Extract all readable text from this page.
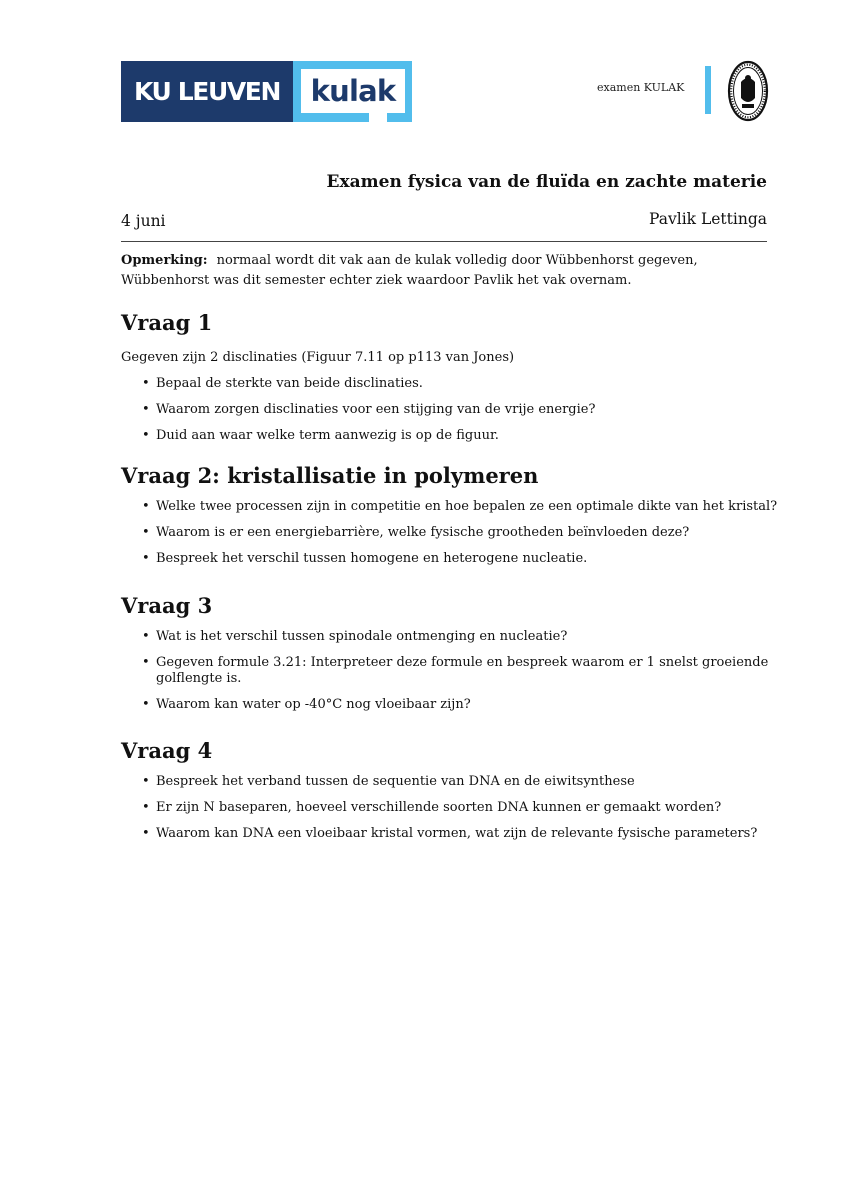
KU LEUVEN	kulak	examen KULAK
Examen fysica van de fluïda en zachte materie
4 juni	Pavlik Lettinga
Opmerking: normaal wordt dit vak aan de kulak volledig door Wübbenhorst gegeven, Wübbenhorst was dit semester echter ziek waardoor Pavlik het vak overnam.
Vraag 1
Gegeven zijn 2 disclinaties (Figuur 7.11 op p113 van Jones)
• Bepaal de sterkte van beide disclinaties.
• Waarom zorgen disclinaties voor een stijging van de vrije energie?
• Duid aan waar welke term aanwezig is op de figuur.
Vraag 2: kristallisatie in polymeren
• Welke twee processen zijn in competitie en hoe bepalen ze een optimale dikte van het kristal?
• Waarom is er een energiebarrière, welke fysische grootheden beïnvloeden deze?
• Bespreek het verschil tussen homogene en heterogene nucleatie.
Vraag 3
• Wat is het verschil tussen spinodale ontmenging en nucleatie?
• Gegeven formule 3.21: Interpreteer deze formule en bespreek waarom er 1 snelst groeiende golflengte is.
• Waarom kan water op -40°C nog vloeibaar zijn?
Vraag 4
• Bespreek het verband tussen de sequentie van DNA en de eiwitsynthese
• Er zijn N baseparen, hoeveel verschillende soorten DNA kunnen er gemaakt worden?
• Waarom kan DNA een vloeibaar kristal vormen, wat zijn de relevante fysische parameters?
